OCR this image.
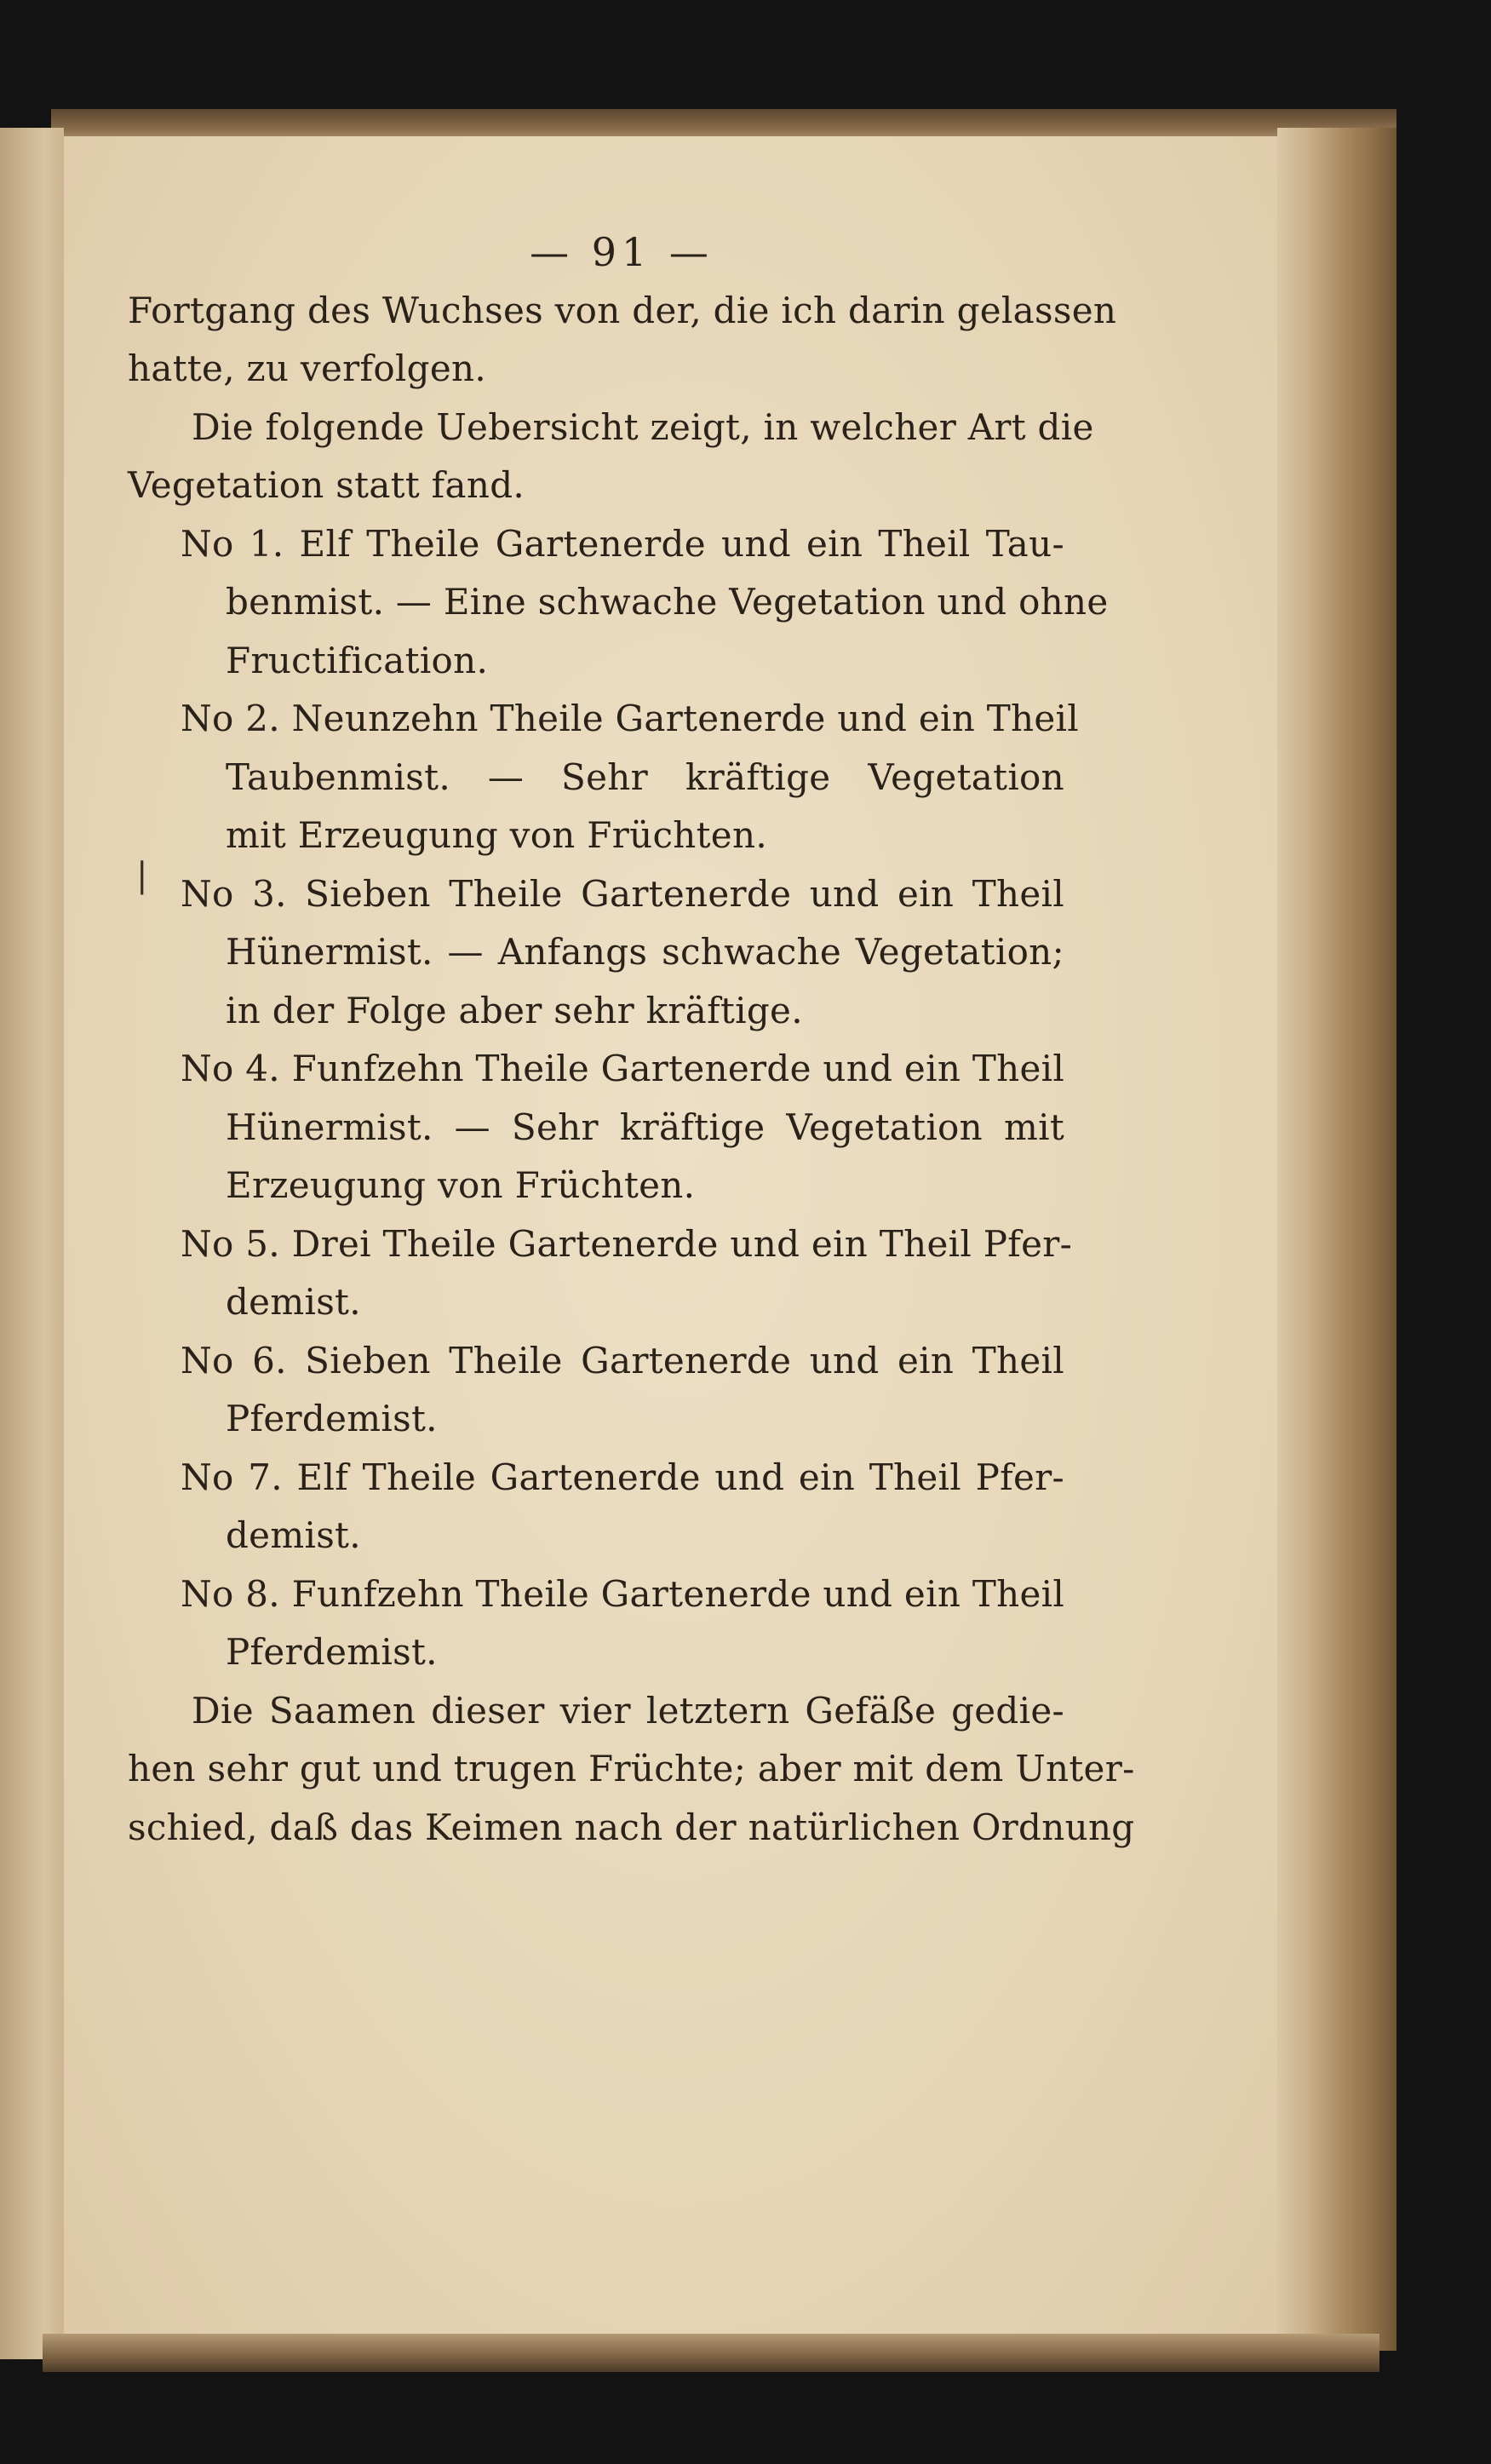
|
— 91 —
Fortgang des Wuchses von der, die ich darin gelassen
hatte, zu verfolgen.
Die folgende Uebersicht zeigt, in welcher Art die
Vegetation statt fand.
No 1. Elf Theile Gartenerde und ein Theil Tau-
benmist. — Eine schwache Vegetation und ohne
Fructification.
No 2. Neunzehn Theile Gartenerde und ein Theil
Taubenmist. — Sehr kräftige Vegetation
mit Erzeugung von Früchten.
No 3. Sieben Theile Gartenerde und ein Theil
Hünermist. — Anfangs schwache Vegetation;
in der Folge aber sehr kräftige.
No 4. Funfzehn Theile Gartenerde und ein Theil
Hünermist. — Sehr kräftige Vegetation mit
Erzeugung von Früchten.
No 5. Drei Theile Gartenerde und ein Theil Pfer-
demist.
No 6. Sieben Theile Gartenerde und ein Theil
Pferdemist.
No 7. Elf Theile Gartenerde und ein Theil Pfer-
demist.
No 8. Funfzehn Theile Gartenerde und ein Theil
Pferdemist.
Die Saamen dieser vier letztern Gefäße gedie-
hen sehr gut und trugen Früchte; aber mit dem Unter-
schied, daß das Keimen nach der natürlichen Ordnung
